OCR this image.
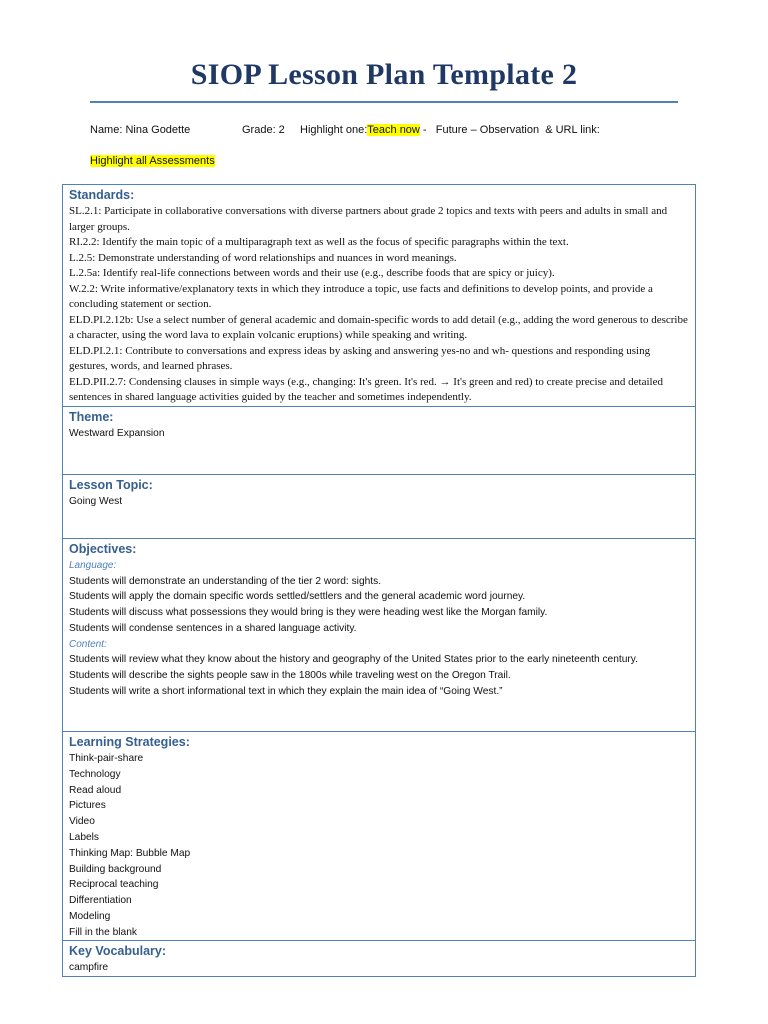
SIOP Lesson Plan Template 2
Name: Nina Godette	Grade: 2 Highlight one:Teach now -   Future – Observation  & URL link:
Highlight all Assessments
Standards:
SL.2.1: Participate in collaborative conversations with diverse partners about grade 2 topics and texts with peers and adults in small and larger groups.
RI.2.2: Identify the main topic of a multiparagraph text as well as the focus of specific paragraphs within the text.
L.2.5: Demonstrate understanding of word relationships and nuances in word meanings.
L.2.5a: Identify real-life connections between words and their use (e.g., describe foods that are spicy or juicy).
W.2.2: Write informative/explanatory texts in which they introduce a topic, use facts and definitions to develop points, and provide a concluding statement or section.
ELD.PI.2.12b: Use a select number of general academic and domain-specific words to add detail (e.g., adding the word generous to describe a character, using the word lava to explain volcanic eruptions) while speaking and writing.
ELD.PI.2.1: Contribute to conversations and express ideas by asking and answering yes-no and wh- questions and responding using gestures, words, and learned phrases.
ELD.PII.2.7: Condensing clauses in simple ways (e.g., changing: It's green. It's red. → It's green and red) to create precise and detailed sentences in shared language activities guided by the teacher and sometimes independently.
Theme:
Westward Expansion
Lesson Topic:
Going West
Objectives:
Language:
Students will demonstrate an understanding of the tier 2 word: sights.
Students will apply the domain specific words settled/settlers and the general academic word journey.
Students will discuss what possessions they would bring is they were heading west like the Morgan family.
Students will condense sentences in a shared language activity.
Content:
Students will review what they know about the history and geography of the United States prior to the early nineteenth century.
Students will describe the sights people saw in the 1800s while traveling west on the Oregon Trail.
Students will write a short informational text in which they explain the main idea of “Going West.”
Learning Strategies:
Think-pair-share
Technology
Read aloud
Pictures
Video
Labels
Thinking Map: Bubble Map
Building background
Reciprocal teaching
Differentiation
Modeling
Fill in the blank
Key Vocabulary:
campfire
